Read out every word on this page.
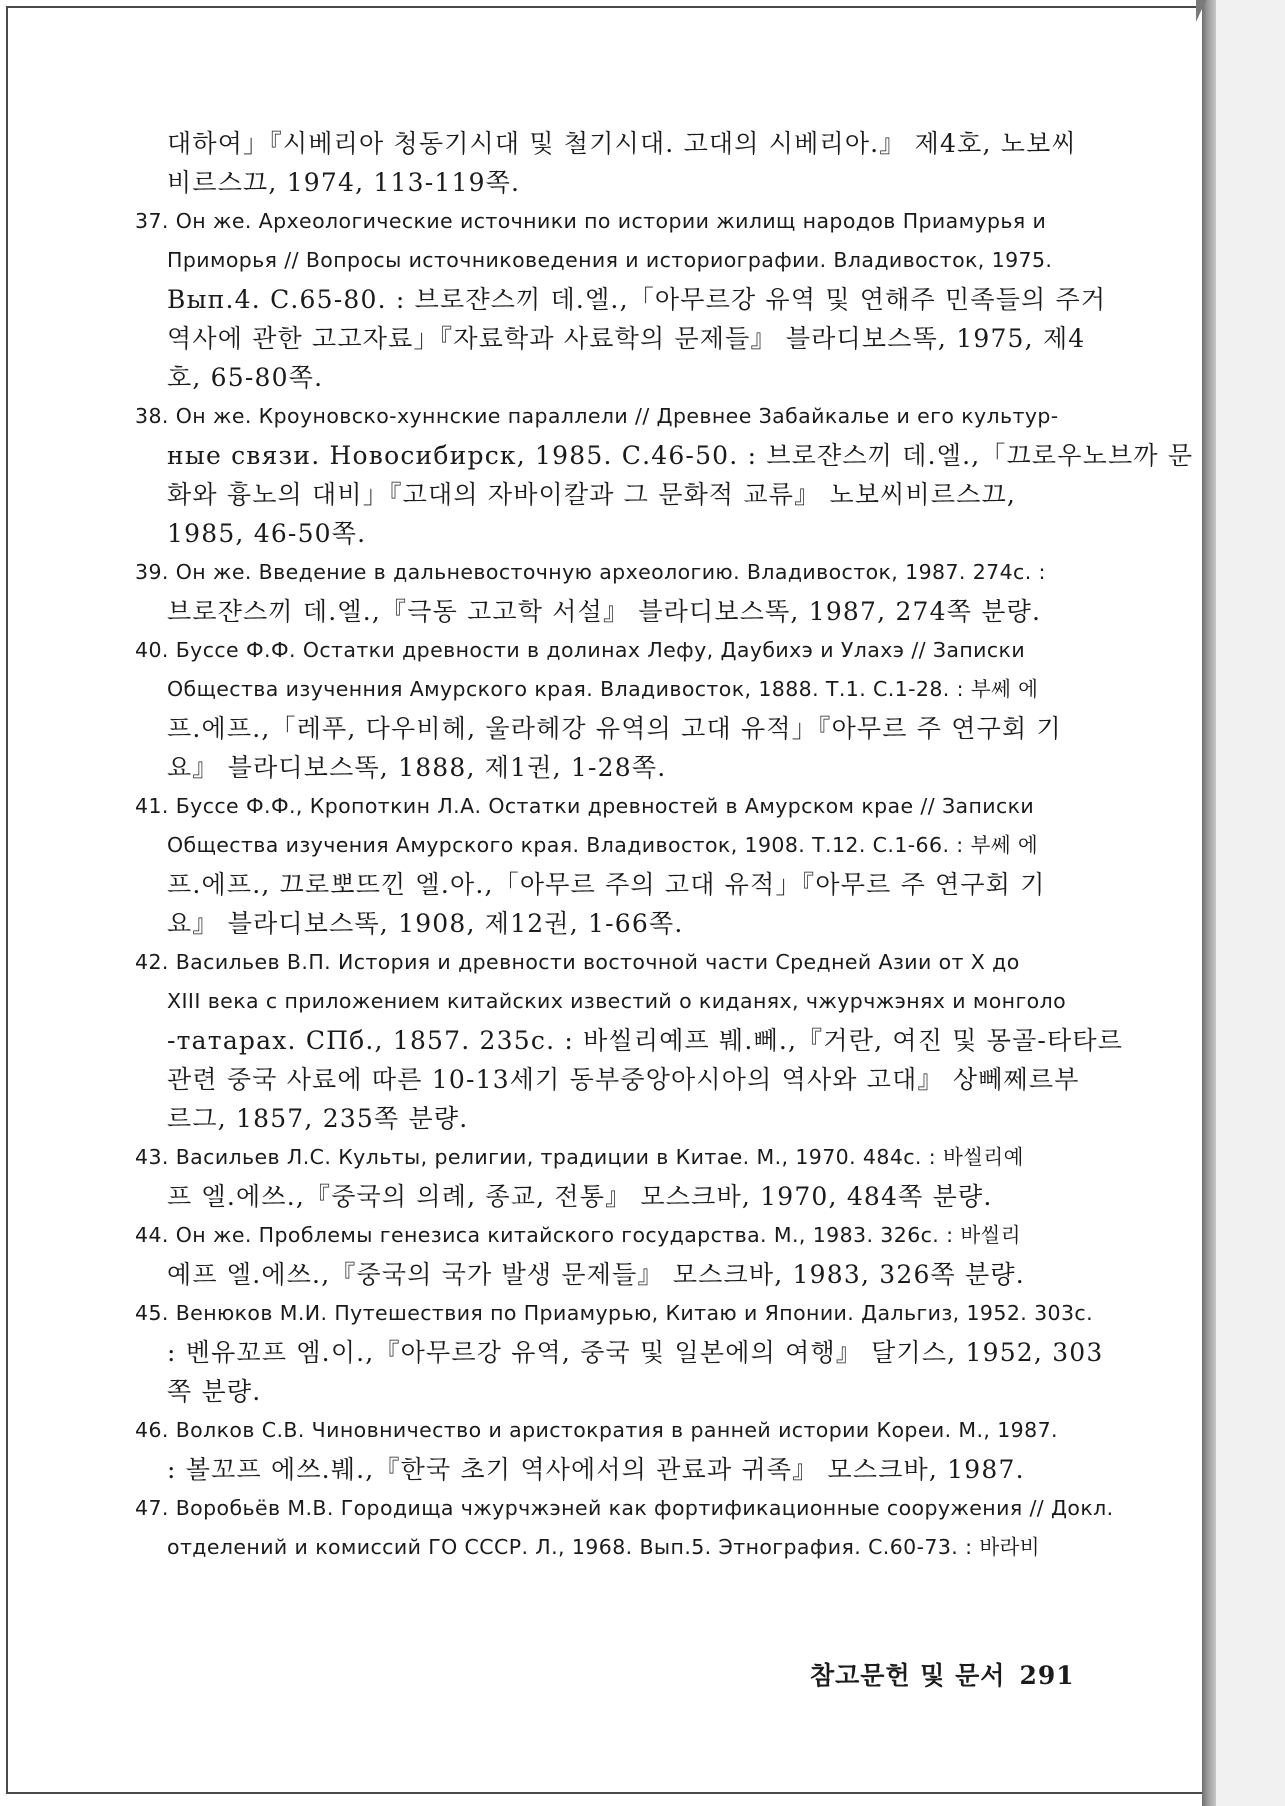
대하여」『시베리아 청동기시대 및 철기시대. 고대의 시베리아.』 제4호, 노보씨
비르스끄, 1974, 113-119쪽.
37. Он же. Археологические источники по истории жилищ народов Приамурья и
Приморья // Вопросы источниковедения и историографии. Владивосток, 1975.
Вып.4. С.65-80. : 브로쟌스끼 데.엘.,「아무르강 유역 및 연해주 민족들의 주거
역사에 관한 고고자료」『자료학과 사료학의 문제들』 블라디보스똑, 1975, 제4
호, 65-80쪽.
38. Он же. Кроуновско-хуннские параллели // Древнее Забайкалье и его культур-
ные связи. Новосибирск, 1985. С.46-50. : 브로쟌스끼 데.엘.,「끄로우노브까 문
화와 흉노의 대비」『고대의 자바이칼과 그 문화적 교류』 노보씨비르스끄,
1985, 46-50쪽.
39. Он же. Введение в дальневосточную археологию. Владивосток, 1987. 274с. :
브로쟌스끼 데.엘.,『극동 고고학 서설』 블라디보스똑, 1987, 274쪽 분량.
40. Буссе Ф.Ф. Остатки древности в долинах Лефу, Даубихэ и Улахэ // Записки
Общества изученния Амурского края. Владивосток, 1888. Т.1. С.1-28. : 부쎄 에
프.에프.,「레푸, 다우비헤, 울라헤강 유역의 고대 유적」『아무르 주 연구회 기
요』 블라디보스똑, 1888, 제1권, 1-28쪽.
41. Буссе Ф.Ф., Кропоткин Л.А. Остатки древностей в Амурском крае // Записки
Общества изучения Амурского края. Владивосток, 1908. Т.12. С.1-66. : 부쎄 에
프.에프., 끄로뽀뜨낀 엘.아.,「아무르 주의 고대 유적」『아무르 주 연구회 기
요』 블라디보스똑, 1908, 제12권, 1-66쪽.
42. Васильев В.П. История и древности восточной части Средней Азии от X до
XIII века с приложением китайских известий о киданях, чжурчжэнях и монголо
-татарах. СПб., 1857. 235с. : 바씰리예프 붸.뻬.,『거란, 여진 및 몽골-타타르
관련 중국 사료에 따른 10-13세기 동부중앙아시아의 역사와 고대』 상뻬쩨르부
르그, 1857, 235쪽 분량.
43. Васильев Л.С. Культы, религии, традиции в Китае. М., 1970. 484с. : 바씰리예
프 엘.에쓰.,『중국의 의례, 종교, 전통』 모스크바, 1970, 484쪽 분량.
44. Он же. Проблемы генезиса китайского государства. М., 1983. 326с. : 바씰리
예프 엘.에쓰.,『중국의 국가 발생 문제들』 모스크바, 1983, 326쪽 분량.
45. Венюков М.И. Путешествия по Приамурью, Китаю и Японии. Дальгиз, 1952. 303с.
: 벤유꼬프 엠.이.,『아무르강 유역, 중국 및 일본에의 여행』 달기스, 1952, 303
쪽 분량.
46. Волков С.В. Чиновничество и аристократия в ранней истории Кореи. М., 1987.
: 볼꼬프 에쓰.붸.,『한국 초기 역사에서의 관료과 귀족』 모스크바, 1987.
47. Воробьёв М.В. Городища чжурчжэней как фортификационные сооружения // Докл.
отделений и комиссий ГО СССР. Л., 1968. Вып.5. Этнография. С.60-73. : 바라비
참고문헌 및 문서 291
